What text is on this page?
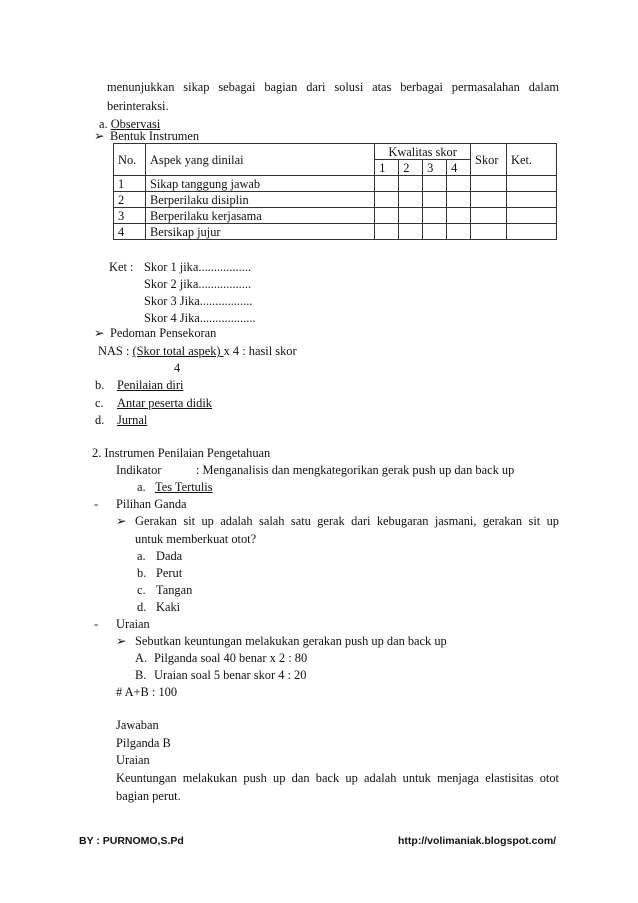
menunjukkan sikap sebagai bagian dari solusi atas berbagai permasalahan dalam
berinteraksi.
a. Observasi
➢ Bentuk Instrumen
No.	Aspek yang dinilai	Kwalitas skor				Skor	Ket.
		1	2	3	4		
1	Sikap tanggung jawab						
2	Berperilaku disiplin						
3	Berperilaku kerjasama						
4	Bersikap jujur						
Ket : Skor 1 jika.................
Skor 2 jika.................
Skor 3 Jika.................
Skor 4 Jika..................
➢ Pedoman Pensekoran
NAS : (Skor total aspek) x 4 : hasil skor
4
b. Penilaian diri
c. Antar peserta didik
d. Jurnal
2. Instrumen Penilaian Pengetahuan
Indikator	: Menganalisis dan mengkategorikan gerak push up dan back up
a. Tes Tertulis
- Pilihan Ganda
➢ Gerakan sit up adalah salah satu gerak dari kebugaran jasmani, gerakan sit up
untuk memberkuat otot?
a. Dada
b. Perut
c. Tangan
d. Kaki
- Uraian
➢ Sebutkan keuntungan melakukan gerakan push up dan back up
A. Pilganda soal 40 benar x 2 : 80
B. Uraian soal 5 benar skor 4 : 20
# A+B : 100
Jawaban
Pilganda B
Uraian
Keuntungan melakukan push up dan back up adalah untuk menjaga elastisitas otot
bagian perut.
BY : PURNOMO,S.Pd	http://volimaniak.blogspot.com/
